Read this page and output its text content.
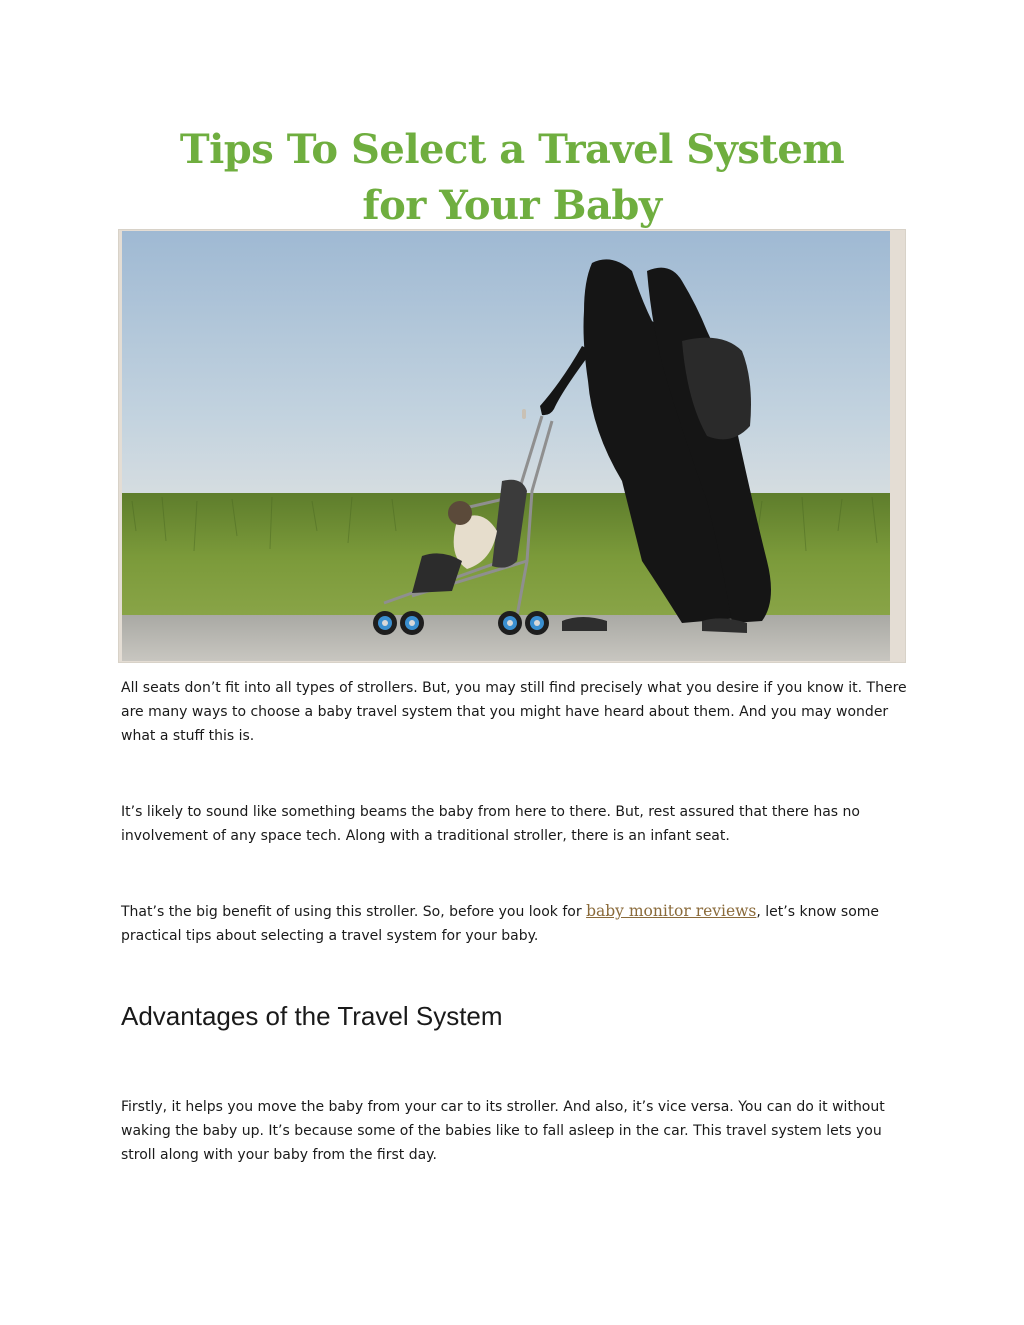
Tips To Select a Travel System
for Your Baby

All seats don’t fit into all types of strollers. But, you may still find precisely what you desire if you know it. There are many ways to choose a baby travel system that you might have heard about them. And you may wonder what a stuff this is.

It’s likely to sound like something beams the baby from here to there. But, rest assured that there has no involvement of any space tech. Along with a traditional stroller, there is an infant seat.

That’s the big benefit of using this stroller. So, before you look for baby monitor reviews, let’s know some practical tips about selecting a travel system for your baby.

Advantages of the Travel System

Firstly, it helps you move the baby from your car to its stroller. And also, it’s vice versa. You can do it without waking the baby up. It’s because some of the babies like to fall asleep in the car. This travel system lets you stroll along with your baby from the first day.
